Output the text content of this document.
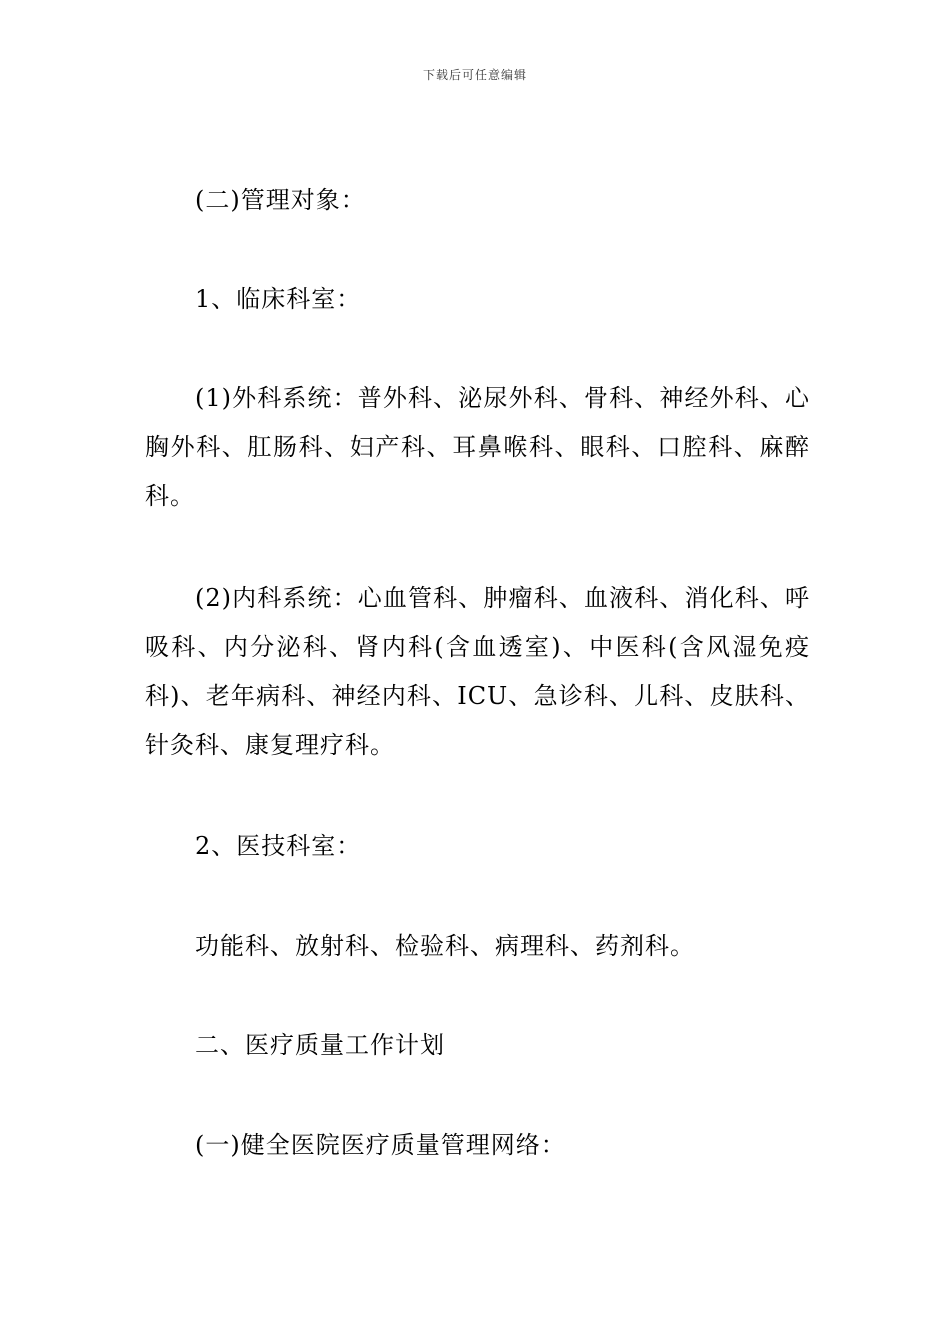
下载后可任意编辑
(二)管理对象：
1、临床科室：
(1)外科系统：普外科、泌尿外科、骨科、神经外科、心胸外科、肛肠科、妇产科、耳鼻喉科、眼科、口腔科、麻醉科。
(2)内科系统：心血管科、肿瘤科、血液科、消化科、呼吸科、内分泌科、肾内科(含血透室)、中医科(含风湿免疫科)、老年病科、神经内科、ICU、急诊科、儿科、皮肤科、针灸科、康复理疗科。
2、医技科室：
功能科、放射科、检验科、病理科、药剂科。
二、医疗质量工作计划
(一)健全医院医疗质量管理网络：
